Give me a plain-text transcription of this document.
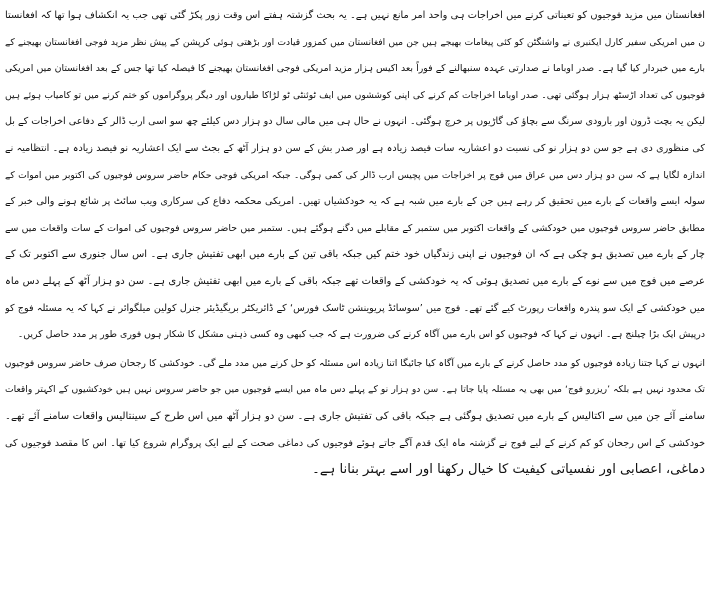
افغانستان میں مزید فوجیوں کو تعیناتی کرنے میں اخراجات ہی واحد امر مانع نہیں ہے۔ یہ بحث گزشتہ ہفتے اس وقت زور پکڑ گئی تھی جب یہ انکشاف ہوا تھا کہ افغانستا
ن میں امریکی سفیر کارل ایکنبری نے واشنگٹن کو کئی پیغامات بھیجے ہیں جن میں افغانستان میں کمزور قیادت اور بڑھتی ہوئی کرپشن کے پیش نظر مزید فوجی افغانستان بھیجنے کے
بارے میں خبردار کیا گیا ہے۔ صدر اوباما نے صدارتی عہدہ سنبھالنے کے فوراً بعد اکیس ہزار مزید امریکی فوجی افغانستان بھیجنے کا فیصلہ کیا تھا جس کے بعد افغانستان میں امریکی
فوجیوں کی تعداد اڑسٹھ ہزار ہوگئی تھی۔ صدر اوباما اخراجات کم کرنے کی اپنی کوششوں میں ایف ٹوئنٹی ٹو لڑاکا طیاروں اور دیگر پروگراموں کو ختم کرنے میں تو کامیاب ہوئے ہیں
لیکن یہ بچت ڈرون اور بارودی سرنگ سے بچاؤ کی گاڑیوں پر خرچ ہوگئی۔ انہوں نے حال ہی میں مالی سال دو ہزار دس کیلئے چھ سو اسی ارب ڈالر کے دفاعی اخراجات کے بل
کی منظوری دی ہے جو سن دو ہزار نو کی نسبت دو اعشاریہ سات فیصد زیادہ ہے اور صدر بش کے سن دو ہزار آٹھ کے بجٹ سے ایک اعشاریہ نو فیصد زیادہ ہے۔ انتظامیہ نے
اندازہ لگایا ہے کہ سن دو ہزار دس میں عراق میں فوج پر اخراجات میں پچیس ارب ڈالر کی کمی ہوگی۔ جبکہ امریکی فوجی حکام حاضر سروس فوجیوں کی اکتوبر میں اموات کے
سولہ ایسے واقعات کے بارے میں تحقیق کر رہے ہیں جن کے بارے میں شبہ ہے کہ یہ خودکشیاں تھیں۔ امریکی محکمہ دفاع کی سرکاری ویب سائٹ پر شائع ہونے والی خبر کے
مطابق حاضر سروس فوجیوں میں خودکشی کے واقعات اکتوبر میں ستمبر کے مقابلے میں دگنے ہوگئے ہیں۔ ستمبر میں حاضر سروس فوجیوں کی اموات کے سات واقعات میں سے
چار کے بارے میں تصدیق ہو چکی ہے کہ ان فوجیوں نے اپنی زندگیاں خود ختم کیں جبکہ باقی تین کے بارے میں ابھی تفتیش جاری ہے۔ اس سال جنوری سے اکتوبر تک کے
عرصے میں فوج میں سے نوے کے بارے میں تصدیق ہوئی کہ یہ خودکشی کے واقعات تھے جبکہ باقی کے بارے میں ابھی تفتیش جاری ہے۔ سن دو ہزار آٹھ کے پہلے دس ماہ
میں خودکشی کے ایک سو پندرہ واقعات رپورٹ کیے گئے تھے۔ فوج میں ’سوسائڈ پریوینشن ٹاسک فورس‘ کے ڈائریکٹر بریگیڈیئر جنرل کولین میلگوائر نے کہا کہ یہ مسئلہ فوج کو
درپیش ایک بڑا چیلنج ہے۔ انہوں نے کہا کہ فوجیوں کو اس بارے میں آگاہ کرنے کی ضرورت ہے کہ جب کبھی وہ کسی ذہنی مشکل کا شکار ہوں فوری طور پر مدد حاصل کریں۔
انہوں نے کہا جتنا زیادہ فوجیوں کو مدد حاصل کرنے کے بارے میں آگاہ کیا جائیگا اتنا زیادہ اس مسئلہ کو حل کرنے میں مدد ملے گی۔ خودکشی کا رجحان صرف حاضر سروس فوجیوں
تک محدود نہیں ہے بلکہ ’ریزرو فوج‘ میں بھی یہ مسئلہ پایا جاتا ہے۔ سن دو ہزار نو کے پہلے دس ماہ میں ایسے فوجیوں میں جو حاضر سروس نہیں ہیں خودکشیوں کے اکہتر واقعات
سامنے آئے جن میں سے اکتالیس کے بارے میں تصدیق ہوگئی ہے جبکہ باقی کی تفتیش جاری ہے۔ سن دو ہزار آٹھ میں اس طرح کے سینتالیس واقعات سامنے آئے تھے۔
خودکشی کے اس رجحان کو کم کرنے کے لیے فوج نے گزشتہ ماہ ایک قدم آگے جاتے ہوئے فوجیوں کی دماغی صحت کے لیے ایک پروگرام شروع کیا تھا۔ اس کا مقصد فوجیوں کی
دماغی، اعصابی اور نفسیاتی کیفیت کا خیال رکھنا اور اسے بہتر بنانا ہے۔
